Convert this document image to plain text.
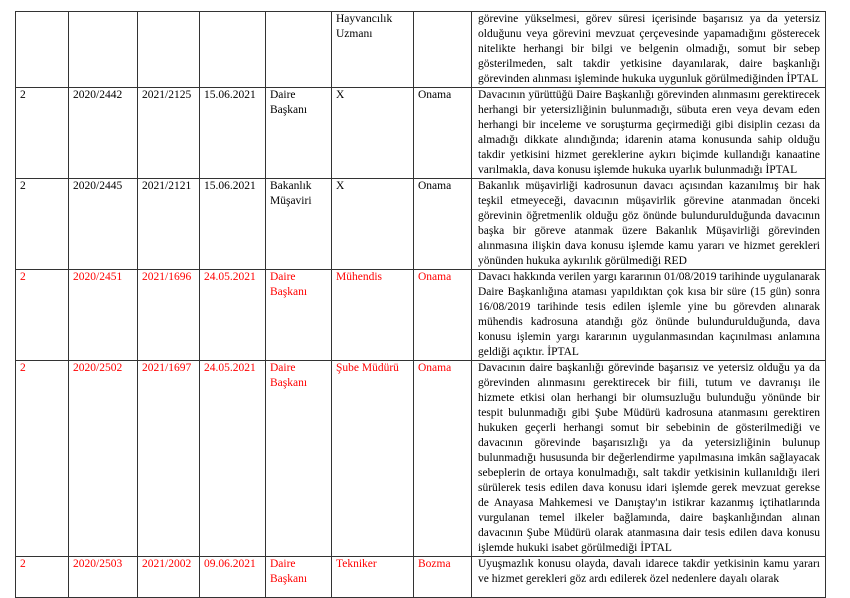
					Hayvancılık Uzmanı		görevine yükselmesi, görev süresi içerisinde başarısız ya da yetersiz olduğunu veya görevini mevzuat çerçevesinde yapamadığını gösterecek nitelikte herhangi bir bilgi ve belgenin olmadığı, somut bir sebep gösterilmeden, salt takdir yetkisine dayanılarak, daire başkanlığı görevinden alınması işleminde hukuka uygunluk görülmediğinden İPTAL
2	2020/2442	2021/2125	15.06.2021	Daire Başkanı	X	Onama	Davacının yürüttüğü Daire Başkanlığı görevinden alınmasını gerektirecek herhangi bir yetersizliğinin bulunmadığı, sübuta eren veya devam eden herhangi bir inceleme ve soruşturma geçirmediği gibi disiplin cezası da almadığı dikkate alındığında; idarenin atama konusunda sahip olduğu takdir yetkisini hizmet gereklerine aykırı biçimde kullandığı kanaatine varılmakla, dava konusu işlemde hukuka uyarlık bulunmadığı İPTAL
2	2020/2445	2021/2121	15.06.2021	Bakanlık Müşaviri	X	Onama	Bakanlık müşavirliği kadrosunun davacı açısından kazanılmış bir hak teşkil etmeyeceği, davacının müşavirlik görevine atanmadan önceki görevinin öğretmenlik olduğu göz önünde bulundurulduğunda davacının başka bir göreve atanmak üzere Bakanlık Müşavirliği görevinden alınmasına ilişkin dava konusu işlemde kamu yararı ve hizmet gerekleri yönünden hukuka aykırılık görülmediği RED
2	2020/2451	2021/1696	24.05.2021	Daire Başkanı	Mühendis	Onama	Davacı hakkında verilen yargı kararının 01/08/2019 tarihinde uygulanarak Daire Başkanlığına ataması yapıldıktan çok kısa bir süre (15 gün) sonra 16/08/2019 tarihinde tesis edilen işlemle yine bu görevden alınarak mühendis kadrosuna atandığı göz önünde bulundurulduğunda, dava konusu işlemin yargı kararının uygulanmasından kaçınılması anlamına geldiği açıktır. İPTAL
2	2020/2502	2021/1697	24.05.2021	Daire Başkanı	Şube Müdürü	Onama	Davacının daire başkanlığı görevinde başarısız ve yetersiz olduğu ya da görevinden alınmasını gerektirecek bir fiili, tutum ve davranışı ile hizmete etkisi olan herhangi bir olumsuzluğu bulunduğu yönünde bir tespit bulunmadığı gibi Şube Müdürü kadrosuna atanmasını gerektiren hukuken geçerli herhangi somut bir sebebinin de gösterilmediği ve davacının görevinde başarısızlığı ya da yetersizliğinin bulunup bulunmadığı hususunda bir değerlendirme yapılmasına imkân sağlayacak sebeplerin de ortaya konulmadığı, salt takdir yetkisinin kullanıldığı ileri sürülerek tesis edilen dava konusu idari işlemde gerek mevzuat gerekse de Anayasa Mahkemesi ve Danıştay'ın istikrar kazanmış içtihatlarında vurgulanan temel ilkeler bağlamında, daire başkanlığından alınan davacının Şube Müdürü olarak atanmasına dair tesis edilen dava konusu işlemde hukuki isabet görülmediği İPTAL
2	2020/2503	2021/2002	09.06.2021	Daire Başkanı	Tekniker	Bozma	Uyuşmazlık konusu olayda, davalı idarece takdir yetkisinin kamu yararı ve hizmet gerekleri göz ardı edilerek özel nedenlere dayalı olarak
